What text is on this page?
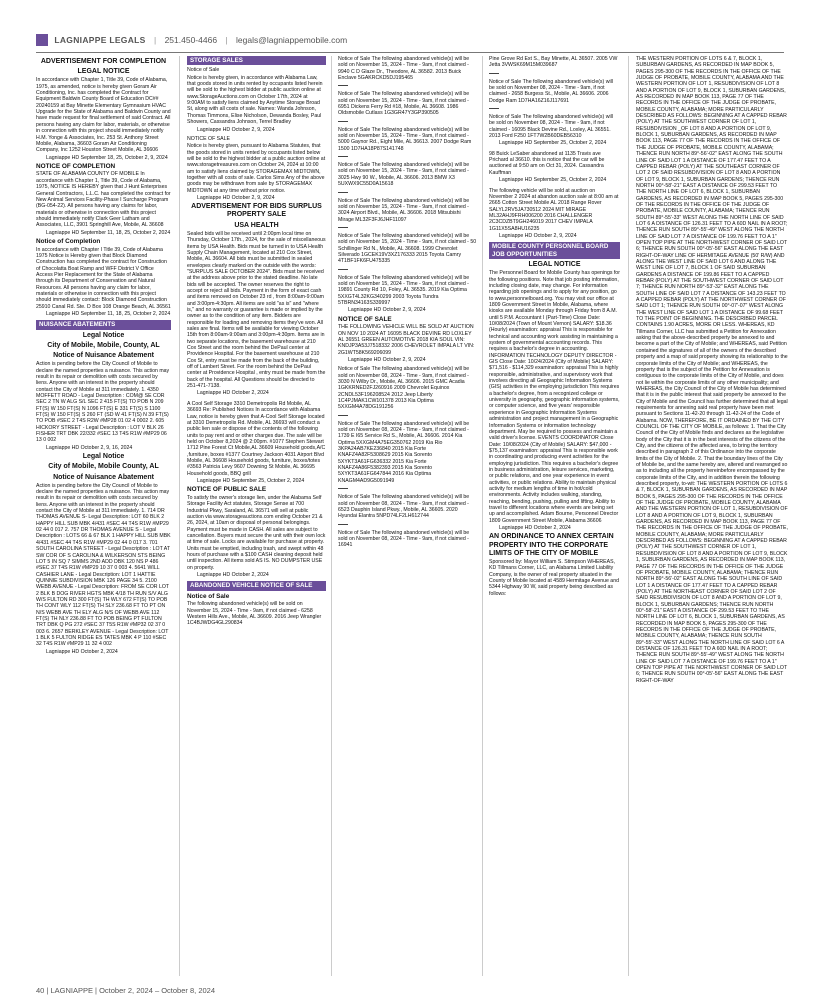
LAGNIAPPE LEGALS | 251.450-4466 | legals@lagniappemobile.com
ADVERTISEMENT FOR COMPLETION
LEGAL NOTICE
In accordance with Chapter 1, Title 39, Code of Alabama, 1975, as amended, notice is hereby given Goram Air Conditioning, Inc. has completed the Contract for Equipment Baldwin County Board of Education DC## 20240159 at Bay Minette Elementary Gymnasium HVAC Upgrade for the State of Alabama and Baldwin County and have made request for final settlement of said Contract. All persons having any claim for labor, materials, or otherwise in connection with this project should immediately notify H.M. Yonge & Associates, Inc. 253 St. Anthony Street Mobile, Alabama, 36603 Goram Air Conditioning Company, Inc 1252 Houston Street Mobile, AL 36606
Lagniappe HD September 18, 25, October 2, 9, 2024
NOTICE OF COMPLETION
STATE OF ALABAMA COUNTY OF MOBILE In accordance with Chapter 1, Title 39, Code of Alabama, 1975, NOTICE IS HEREBY given that J Hunt Enterprises General Contractors, L.L.C. has completed the contract for New Animal Services Facility-Phase I Surcharge Program (BG-054-22). All persons having any claims for labor, materials or otherwise in connection with this project should immediately notify Clark Geer Latham and Associates, LLC, 3901 Springhill Ave, Mobile, AL 36608
Lagniappe HD September 11, 18, 25, October 2, 2024
Notice of Completion
In accordance with Chapter I Title 39, Code of Alabama 1975 Notice is Hereby given that Block Diamond Construction has completed the contract for Construction of Chocolatta Boat Ramp and WFF District V Office Access Pier Replacement for the State of Alabama through its Department of Conservation and Natural Resources. All persons having any claim for labor, materials or otherwise in connection with this project should immediately contact: Block Diamond Construction 25910 Canal Rd. Ste. D Box 108 Orange Beach, AL 36561
Lagniappe HD September 11, 18, 25, October 2, 2024
NUISANCE ABATEMENTS
Legal Notice
City of Mobile, Mobile, County, AL
Notice of Nuisance Abatement
Action is pending before the City Council of Mobile to declare the named properties a nuisance. This action may result in its repair or demolition with costs secured by liens. Anyone with an interest in the property should contact the City of Mobile at 311 immediately. 1. 4350 MOFFETT ROAD - Legal Description : COM@ SE COR SEC 2 TN W ALG S/L SEC 2 415 FT(S) TO POB N 209 FT(S) W 150 FT(S) N 1096 FT(S) E 331 FT(S) S 1100 FT(S) W 150 FT(S) S 260 FT (SD W 41 FT(S) N 39 FT(S) TO POB #SEC 2 T4S R2W #MP28 01 02 4 0002 2. 605 HICKORY STREET - Legal Description : LOT V BLK 26 FISHER TRT DBK 22/332 #SEC 13 T4S R1W #MP29 06 13 0 002
Lagniappe HD October 2, 9, 16, 2024
Legal Notice
City of Mobile, Mobile County, AL
Notice of Nuisance Abatement
Action is pending before the City Council of Mobile to declare the named properties a nuisance. This action may result in its repair or demolition with costs secured by liens. Anyone with an interest in the property should contact the City of Mobile at 311 immediately. 1. 714 DR THOMAS AVENUE S- Legal Description: LOT 60 BLK 2 HAPPY HILL SUB MBK 4/431 #SEC 44 T4S R1W #MP29 02 44 0 017 2. 757 DR THOMAS AVENUE S - Legal Description : LOTS 66 & 67 BLK 1 HAPPY HILL SUB MBK 4/431 #SEC 44 T4S R1W #MP29 02 44 0 017 3. 701 SOUTH CAROLINA STREET - Legal Description : LOT AT SW COR OF S CAROLINA & WILKERSON STS BEING LOT 5 IN SQ 7 SIMMS 2ND ADD DBK 120 NS P 486 #SEC 37 T4S R1W #MP29 10 37 0 003 4. 5641 WILL CASHIER LANE - Legal Description: LOT 1 HATTIE QUINNIE SUBDIVISION MBK 126 PAGE 34 5. 2100 WEBB AVENUE - Legal Description: FROM SE COR LOT 2 BLK B DOG RIVER HGTS MBK 4/18 TH RUN S/V ALG W/S FULTON RD 300 FT(S) TH WLY 672 FT(S) TO POB TH CONT WLY 112 FT(S) TH SLY 236.68 FT TO PT ON N/S WEBB AVE TH ELY ALG N/S OF WEBB AVE 112 FT(S) TH NLY 236.88 FT TO POB BEING PT FULTON TRT DBK Q PG 272 #SEC 37 T5S R1W #MP32 02 37 0 003 6. 2657 BERKLEY AVENUE - Legal Description: LOT 1 BLK 5 FULTON RIDGE ES TATES MBK 4 P 110 #SEC 32 T4S R1W #MP29 11 32 4 002
Lagniappe HD October 2, 2024
STORAGE SALES
Notice of Sale
Notice is hereby given, in accordance with Alabama Law, that goods stored in units rented by occupants listed herein will be sold to the highest bidder at public auction online at www.StorageAuctions.com on October 17th, 2024 at 9:00AM to satisfy liens claimed by Anytime Storage Broad St, along with all costs of sale. Names: Wanda Johnson, Thomas Timmons, Elise Nicholson, Dewanda Bosley, Paul Showers, Cassandra Johnson, Terrel Bradley
Lagniappe HD October 2, 9, 2024
NOTICE OF SALE
Notice is hereby given, pursuant to Alabama Statutes, that the goods stored in units rented by occupants listed below will be sold to the highest bidder at a public auction online at www.storagetreasures.com on October 24, 2024 at 10:00 am to satisfy liens claimed by STORAGEMAX MIDTOWN, together with all costs of sale. Carlos Sims Any of the above goods may be withdrawn from sale by STORAGEMAX MIDTOWN at any time without prior notice.
Lagniappe HD October 2, 9, 2024
ADVERTISEMENT FOR BIDS SURPLUS PROPERTY SALE
USA HEALTH
Sealed bids will be received until 2:00pm local time on Thursday, October 17th., 2024, for the sale of miscellaneous items by USA Health. Bids must be turned in to USA Health Supply Chain Management, located at 210 Cox Street, Mobile, AL 36604. All bids must be submitted in sealed envelopes clearly marked on the outside with the words: "SURPLUS SALE OCTOBER 2024". Bids must be received at the address above prior to the stated deadline. No late bids will be accepted. The owner reserves the right to accept or reject all bids. Payment in the form of exact cash and items removed on October 23 rd , from 8:00am-9:00am and 3:00pm-4:30pm. All items are sold "as is" and "where is," and no warranty or guarantee is made or implied by the owner as to the condition of any item. Bidders are responsible for loading and removing items they've won. All sales are final. Items will be available for viewing October 15th from 8:00am-9:00am and 3:00pm-4:30pm. Items are in two separate locations, the basement warehouse at 210 Cox Street and the room behind the DePaul center at Providence Hospital. For the basement warehouse at 210 Cox St, entry must be made from the back of the building, off of Lambert Street. For the room behind the DePaul center at Providence Hospital , entry must be made from the back of the hospital. All Questions should be directed to 251-471-7138.
Lagniappe HD October 2, 2024
A Cool Self Storage 3310 Demetropolis Rd Mobile, AL 36693 Re: Published Notices In accordance with Alabama Law, notice is hereby given that A-Cool Self Storage located at 3310 Demetropolis Rd. Mobile, AL 36693 will conduct a public lien sale or dispose of the contents of the following units to pay rent and or other charges due. The sale will be held on October 8,2024 @ 2:00pm. #1077 Stephen Stewart 1712 Pine Forest Ct Mobile,AL 36609 Household goods,A/C ,furniture, boxes #1377 Courtney Jackson 4031 Airport Blvd Mobile, AL 36608 Household goods, furniture, boxes/totes #3563 Patricia Levy 9607 Downing St Mobile, AL 36695 Household goods, BBQ grill
Lagniappe HD September 25, October 2, 2024
NOTICE OF PUBLIC SALE
To satisfy the owner's storage lien, under the Alabama Self Storage Facility Act statutes, Storage Sense at 700 Industrial Pkwy, Saraland, AL 36571 will sell at public auction via www.storageauctions.com ending October 21 & 26, 2024, at 10am or disposal of personal belongings. Payment must be made in CASH. All sales are subject to cancellation. Buyers must secure the unit with their own lock at time of sale. Locks are available for purchase at property. Units must be emptied, including trash, and swept within 48 hours of purchase with a $100 CASH cleaning deposit held until inspection. All items sold AS IS. NO DUMPSTER USE on property.
Lagniappe HD October 2, 2024
ABANDONED VEHICLE NOTICE OF SALE
Notice of Sale
The following abandoned vehicle(s) will be sold on November 15, 2024 - Time - 9am, if not claimed - 6258 Western Hills Ave., Mobile, AL 36609. 2016 Jeep Wrangler 1C4BJWDG4GL290834
Notice of Sale The following abandoned vehicle(s) will be sold on November 15, 2024 - Time - 9am, if not claimed - 9940 C D Glaze Dr., Theodore, AL 36582. 2013 Buick Enclave 5GAKRCKD5DJ195465
Notice of Sale The following abandoned vehicle(s) will be sold on November 15, 2024 - Time - 9am, if not claimed - 6951 Dickens Ferry Rd #18, Mobile, AL 36608. 1986 Oldsmobile Cutlass 1G3GR47Y3GP390505
Notice of Sale The following abandoned vehicle(s) will be sold on November 15, 2024 - Time - 9am, if not claimed - 5000 Gaynor Rd., Eight Mile, AL 36613. 2007 Dodge Ram 1500 1D7HA18P87S141748
Notice of Sale The following abandoned vehicle(s) will be sold on November 15, 2024 - Time - 9am, if not claimed - 3025 Hwy 90 W., Mobile, AL 36606. 2013 BMW X3 5UXWX9C55D0A15618
Notice of Sale The following abandoned vehicle(s) will be sold on November 15, 2024 - Time - 9am, if not claimed - 3024 Airport Blvd., Mobile, AL 36606. 2018 Mitsubishi Mirage ML32F3FJ6JHF11097
Notice of Sale The following abandoned vehicle(s) will be sold on November 15, 2024 - Time - 9am, if not claimed - 50 Schillinger Rd N., Mobile, AL 36608. 1999 Chevrolet Silverado 1GCEK19V3XZ176333 2015 Toyota Camry 4T1BF1FK6FU475335
Notice of Sale The following abandoned vehicle(s) will be sold on November 15, 2024 - Time - 9am, if not claimed - 19891 County Rd 10, Foley, AL 36535. 2019 Kia Optima 5XXGT4L32KG340299 2003 Toyota Tundra 5TBRN34163S339997
Lagniappe HD October 2, 9, 2024
NOTICE OF SALE
THE FOLLOWING VEHICLE WILL BE SOLD AT AUCTION ON NOV 10 2024 AT 16095 BLACK DEVINE RD LOXLEY AL 36551 GREEN AUTOMOTIVE 2018 KIA SOUL VIN: KNDJP3A53J7518332 2006 CHEVROLET IMPALA LT VIN: 2G1WT58K569206099
Lagniappe HD October 2, 9, 2024
Notice of Sale The following abandoned vehicle(s) will be sold on November 08, 2024 - Time - 9am, if not claimed - 3030 N Wilby Dr., Mobile, AL 36606. 2015 GMC Acadia 1GKKRNED2FJ260916 2009 Chevrolet Equinox 2CNDL53F196208524 2012 Jeep Liberty 1C4PJMAK1CW101378 2013 Kia Optima 5XXGM4A78DG191256
Notice of Sale The following abandoned vehicle(s) will be sold on November 08, 2024 - Time - 9am, if not claimed - 1739 E I65 Service Rd S., Mobile, AL 36606. 2014 Kia Optima 5XXGM4A75EG350762 2019 Kia Rio 3KPA24AB7KE236840 2015 Kia Forte KNAFZ4A82F5308629 2015 Kia Sorento 5XYKT3A61FG636332 2015 Kia Forte KNAFZ4A86F5382393 2015 Kia Sorento 5XYKT3A61FG647844 2016 Kia Optima KNAGM4AD9G5091949
Notice of Sale The following abandoned vehicle(s) will be sold on November 08, 2024 - Time - 9am, if not claimed - 6523 Dauphin Island Pkwy., Mobile, AL 36605. 2020 Hyundai Elantra 5NPD74LF2LH612744
Notice of Sale The following abandoned vehicle(s) will be sold on November 08, 2024 - Time - 9am, if not claimed - 16941
Pine Grove Rd Ext S., Bay Minette, AL 36507. 2005 VW Jetta 3VWSK69M15M039687
Notice of Sale The following abandoned vehicle(s) will be sold on November 08, 2024 - Time - 9am, if not claimed - 2658 Burgess St., Mobile, AL 36606. 2006 Dodge Ram 1D7HA16Z16J117691
Notice of Sale The following abandoned vehicle(s) will be sold on November 08, 2024 - Time - 9am, if not claimed - 16095 Black Devine Rd., Loxley, AL 36551. 2013 Ford F250 1FT7W2B60DEB56310
Lagniappe HD September 25, October 2, 2024
98 Buick LeSaber abandoned at 1135 Travis ave Prichard al 36610. this is notice that the car will be auctioned at 9:50 am on Oct 31, 2024. Cassandra Kauffman
Lagniappe HD September 25, October 2, 2024
The following vehicle will be sold at auction on November 2 2024 at abandon auction sale at 8:00 am at 2665 Cotton Street Mobile AL 2018 Range Rover SALYL2RV5JA730512 2024 MIT MIRAGE ML32AHJ9FRH006200 2016 CHALLENGER 2C3CDZBT9GH246019 2017 CHEV IMPALA 1G11X5SA8HU16235
Lagniappe HD October 2, 9, 2024
MOBILE COUNTY PERSONNEL BOARD JOB OPPORTUNITIES
LEGAL NOTICE
The Personnel Board for Mobile County has openings for the following positions. Note that job posting information, including closing date, may change. For information regarding job openings and to apply for any position, go to www.personnelboard.org. You may visit our office at 1809 Government Street in Mobile, Alabama, where kiosks are available Monday through Friday from 8 A.M. until 5 P.M. Accountant I (Part-Time) Close Date: 10/08/2024 (Town of Mount Vernon) SALARY: $18.36 (Hourly) examination: appraisal This is responsible for technical and accounting work assisting in maintaining a system of governmental accounting records. This requires a bachelor's degree in accounting. INFORMATION TECHNOLOGY DEPUTY DIRECTOR - GIS Close Date: 10/24/2024 (City of Mobile) SALARY: $71,516 - $114,329 examination: appraisal This is highly responsible, administrative, and supervisory work that involves directing all Geographic Information Systems (GIS) activities in the employing jurisdiction This requires a bachelor's degree, from a recognized college or university in geography, geographic information systems, or computer science, and five years' responsible experience in Geographic Information Systems administration and project management in a Geographic Information Systems or information technology department. May be required to possess and maintain a valid driver's license. EVENTS COORDINATOR Close Date: 10/08/2024 (City of Mobile) SALARY: $47,000 - $75,137 examination: appraisal This is responsible work in coordinating and producing event activities for the employing jurisdiction. This requires a bachelor's degree in business administration, leisure services, marketing, or public relations, and one year experience in event activities, or public relations. Ability to maintain physical activity for medium lengths of time in hot/cold environments. Activity includes walking, standing, reaching, bending, pushing, pulling and lifting. Ability to travel to different locations where events are being set up and accomplished. Adam Bourne, Personnel Director 1809 Government Street Mobile, Alabama 36606
Lagniappe HD October 2, 2024
AN ORDINANCE TO ANNEX CERTAIN PROPERTY INTO THE CORPORATE LIMITS OF THE CITY OF MOBILE
Sponsored by: Mayor William S. Stimpson WHEREAS, KD Tillmans Corner, LLC, an Alabama Limited Liability Company, is the owner of real property situated in the County of Mobile located at 4589 Hermitage Avenue and 5344 Highway 90 W, said property being described as follows:
THE WESTERN PORTION OF LOTS 6 & 7, BLOCK 1, SUBURBAN GARDENS, AS RECORDED IN MAP BOOK 5, PAGES 295-300 OF THE RECORDS IN THE OFFICE OF THE JUDGE OF PROBATE, MOBILE COUNTY, ALABAMA AND THE WESTERN PORTION OF LOT 1, RESUBDIVISION OF LOT 8 AND A PORTION OF LOT 9, BLOCK 1, SUBURBAN GARDENS, AS RECORDED IN MAP BOOK 113, PAGE 77 OF THE RECORDS IN THE OFFICE OF THE JUDGE OF PROBATE, MOBILE COUNTY, ALABAMA; MORE PARTICULARLY DESCRIBED AS FOLLOWS: BEGINNING AT A CAPPED REBAR (POLY) AT THE SOUTHWEST CORNER OF LOT 1, RESUBDIVISION _OF LOT 8 AND A PORTION OF LOT 9, BLOCK 1, SUBURBAN GARDENS, AS RECORDED IN MAP BOOK 113, PAGE 77 OF THE RECORDS IN THE OFFICE OF THE JUDGE OF PROBATE, MOBILE COUNTY, ALABAMA; THENCE RUN NORTH 89°-56'-02" EAST ALONG THE SOUTH LINE OF SAID LOT 1 A DISTANCE OF 177.47 FEET TO A CAPPED REBAR (POLY) AT THE SOUTHEAST CORNER OF LOT 2 OF SAID RESUBDIVISION OF LOT 8 AND A PORTION OF LOT 9, BLOCK 1, SUBURBAN GARDENS; THENCE RUN NORTH 00°-58'-21" EAST A DISTANCE OF 299.53 FEET TO THE NORTH LINE OF LOT 6, BLOCK 1, SUBURBAN GARDENS, AS RECORDED IN MAP BOOK 5, PAGES 295-300 OF THE RECORDS IN THE OFFICE OF THE JUDGE OF PROBATE, MOBILE COUNTY, ALABAMA; THENCE RUN SOUTH 89°-55'-33" WEST ALONG THE NORTH LINE OF SAID LOT 6 A DISTANCE OF 126.31 FEET TO A 60D NAIL IN A ROOT; THENCE RUN SOUTH 89°-55'-49" WEST ALONG THE NORTH LINE OF SAID LOT 7 A DISTANCE OF 199.76 FEET TO A 1" OPEN TOP PIPE AT THE NORTHWEST CORNER OF SAID LOT 6; THENCE RUN SOUTH 00°-05'-56" EAST ALONG THE EAST RIGHT-OF-WAY LINE OF HERMITAGE AVENUE (50' R/W) AND ALONG THE WEST LINE OF SAID LOT 6 AND ALONG THE WEST LINE OF LOT 7, BLOCK 1 OF SAID SUBURBAN GARDENS A DISTANCE OF 199.86 FEET TO A CAPPED REBAR (POLY) AT THE SOUTHWEST CORNER OF SAID LOT 7; THENCE RUN NORTH 89°-53'-32" EAST ALONG THE SOUTH LINE OF SAID LOT 7 A DISTANCE OF 143.23 FEET TO A CAPPED REBAR (POLY) AT THE NORTHWEST CORNER OF SAID LOT 1; THENCE RUN SOUTH 00°-07'-07" WEST ALONG THE WEST LINE OF SAID LOT 1 A DISTANCE OF 99.68 FEET TO THE POINT OF BEGINNING. THE DESCRIBED PARCEL CONTAINS 1.90 ACRES, MORE OR LESS. WHEREAS, KD Tillmans Corner, LLC has submitted a Petition for Annexation asking that the above-described property be annexed to and become a part of the City of Mobile; and WHEREAS, said Petition contained the signatures of all of the owners of the described property and a map of said property showing its relationship to the corporate limits of the City of Mobile; and WHEREAS, the property that is the subject of the Petition for Annexation is contiguous to the corporate limits of the City of Mobile, and does not lie within the corporate limits of any other municipality; and WHEREAS, the City Council of the City of Mobile has determined that it is in the public interest that said property be annexed to the City of Mobile and the Council has further determined that all legal requirements for annexing said real property have been met pursuant to Sections 11-42-20 through 11-42-24 of the Code of Alabama. NOW, THEREFORE, BE IT ORDAINED BY THE CITY COUNCIL OF THE CITY OF MOBILE, as follows: 1. That the City Council of the City of Mobile finds and declares as the legislative body of the City that it is in the best interests of the citizens of the City, and the citizens of the affected area, to bring the territory described in paragraph 2 of this Ordinance into the corporate limits of the City of Mobile. 2. That the boundary lines of the City of Mobile be, and the same hereby are, altered and rearranged so as to including all the property hereinbefore encompassed by the corporate limits of the City, and in addition therein the following described property, to-wit: THE WESTERN PORTION OF LOTS 6 & 7, BLOCK 1, SUBURBAN GARDENS, AS RECORDED IN MAP BOOK 5, PAGES 295-300 OF THE RECORDS IN THE OFFICE OF THE JUDGE OF PROBATE, MOBILE COUNTY, ALABAMA AND THE WESTERN PORTION OF LOT 1, RESUBDIVISION OF LOT 8 AND A PORTION OF LOT 9, BLOCK 1, SUBURBAN GARDENS, AS RECORDED IN MAP BOOK 113, PAGE 77 OF THE RECORDS IN THE OFFICE OF THE JUDGE OF PROBATE, MOBILE COUNTY, ALABAMA; MORE PARTICULARLY DESCRIBED AS FOLLOWS: BEGINNING AT A CAPPED REBAR (POLY) AT THE SOUTHWEST CORNER OF LOT 1, RESUBDIVISION OF LOT 8 AND A PORTION OF LOT 9, BLOCK 1, SUBURBAN GARDENS, AS RECORDED IN MAP BOOK 113, PAGE 77 OF THE RECORDS IN THE OFFICE OF THE JUDGE OF PROBATE, MOBILE COUNTY, ALABAMA; THENCE RUN NORTH 89°-56'-02" EAST ALONG THE SOUTH LINE OF SAID LOT 1 A DISTANCE OF 177.47 FEET TO A CAPPED REBAR (POLY) AT THE NORTHEAST CORNER OF SAID LOT 2 OF SAID RESUBDIVISION OF LOT 8 AND A PORTION OF LOT 9, BLOCK 1, SUBURBAN GARDENS; THENCE RUN NORTH 00°-58'-21" EAST A DISTANCE OF 299.53 FEET TO THE NORTH LINE OF LOT 6, BLOCK 1, SUBURBAN GARDENS, AS RECORDED IN MAP BOOK 5, PAGES 295-300 OF THE RECORDS IN THE OFFICE OF THE JUDGE OF PROBATE, MOBILE COUNTY, ALABAMA; THENCE RUN SOUTH 89°-55'-33" WEST ALONG THE NORTH LINE OF SAID LOT 6 A DISTANCE OF 126.31 FEET TO A 60D NAIL IN A ROOT; THENCE RUN SOUTH 89°-55'-49" WEST ALONG THE NORTH LINE OF SAID LOT 7 A DISTANCE OF 199.76 FEET TO A 1" OPEN TOP PIPE AT THE NORTHWEST CORNER OF SAID LOT 6; THENCE RUN SOUTH 00°-05'-56" EAST ALONG THE EAST RIGHT-OF-WAY
40 | LAGNIAPPE | October 2, 2024 – October 8, 2024
